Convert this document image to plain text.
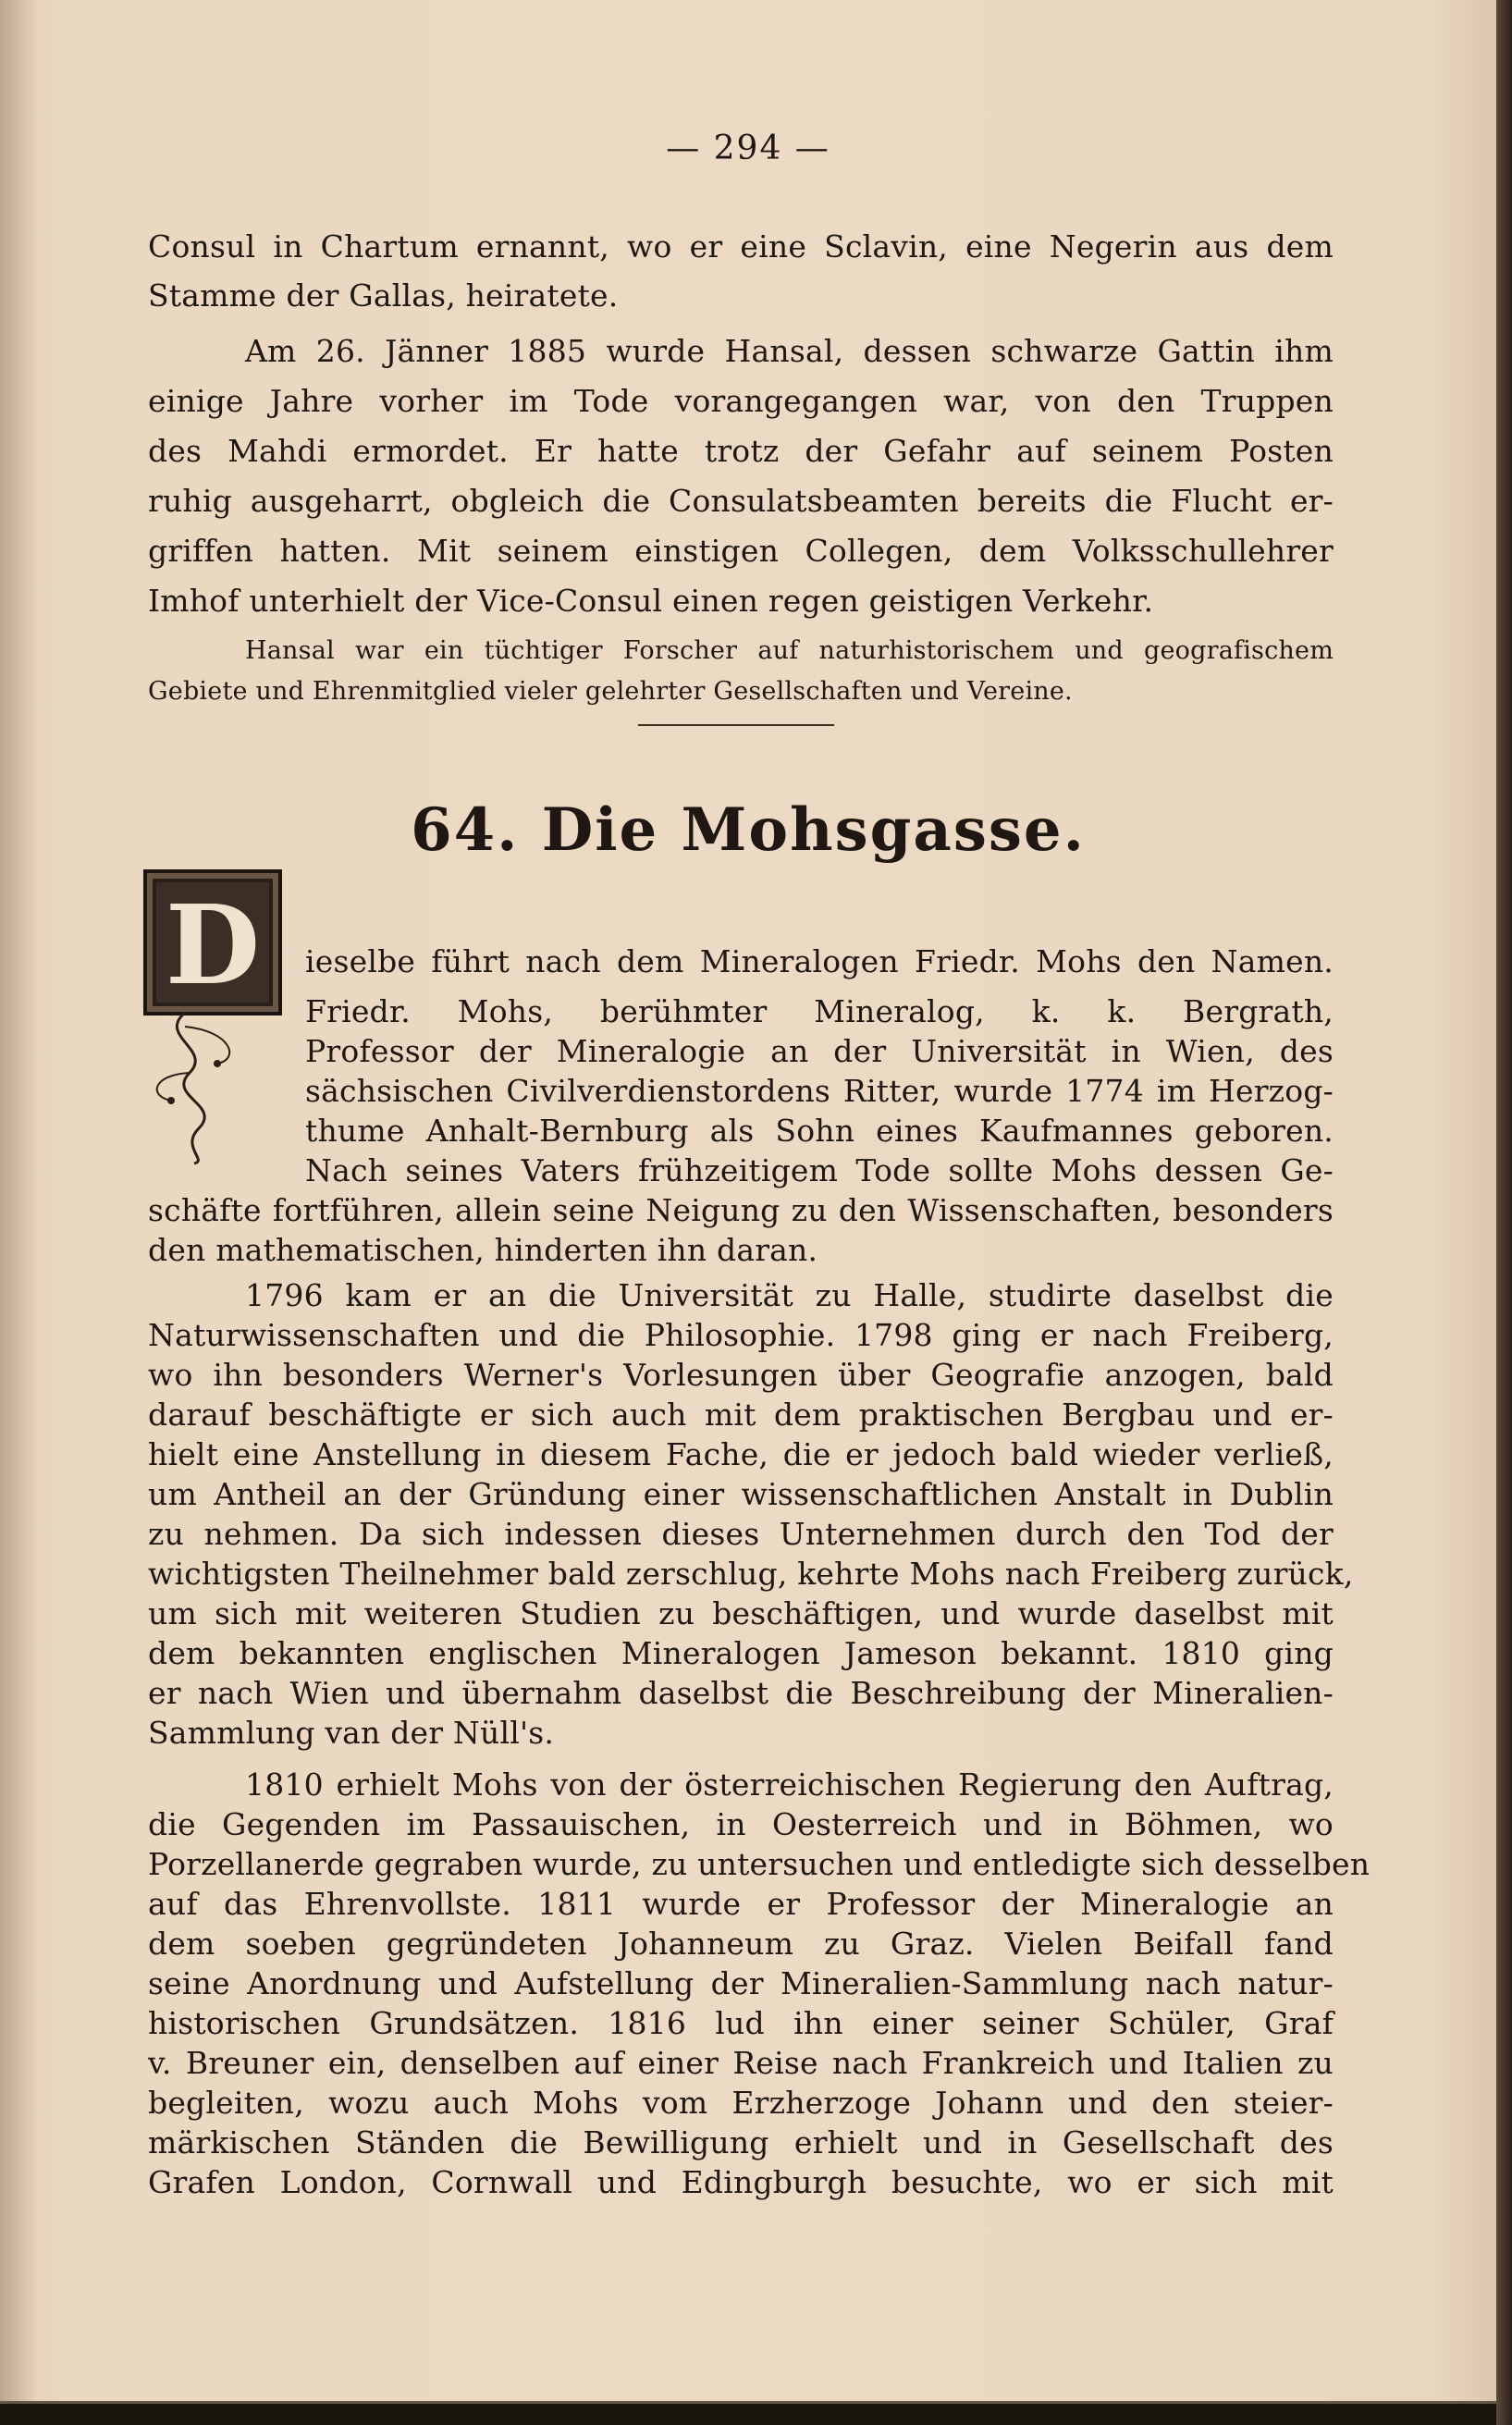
— 294 —
Consul in Chartum ernannt, wo er eine Sclavin, eine Negerin aus dem
Stamme der Gallas, heiratete.
Am 26. Jänner 1885 wurde Hansal, dessen schwarze Gattin ihm
einige Jahre vorher im Tode vorangegangen war, von den Truppen
des Mahdi ermordet. Er hatte trotz der Gefahr auf seinem Posten
ruhig ausgeharrt, obgleich die Consulatsbeamten bereits die Flucht er-
griffen hatten. Mit seinem einstigen Collegen, dem Volksschullehrer
Imhof unterhielt der Vice-Consul einen regen geistigen Verkehr.
Hansal war ein tüchtiger Forscher auf naturhistorischem und geografischem
Gebiete und Ehrenmitglied vieler gelehrter Gesellschaften und Vereine.
64. Die Mohsgasse.
D	ieselbe führt nach dem Mineralogen Friedr. Mohs den Namen.
Friedr. Mohs, berühmter Mineralog, k. k. Bergrath,
Professor der Mineralogie an der Universität in Wien, des
sächsischen Civilverdienstordens Ritter, wurde 1774 im Herzog-
thume Anhalt-Bernburg als Sohn eines Kaufmannes geboren.
Nach seines Vaters frühzeitigem Tode sollte Mohs dessen Ge-
schäfte fortführen, allein seine Neigung zu den Wissenschaften, besonders
den mathematischen, hinderten ihn daran.
1796 kam er an die Universität zu Halle, studirte daselbst die
Naturwissenschaften und die Philosophie. 1798 ging er nach Freiberg,
wo ihn besonders Werner's Vorlesungen über Geografie anzogen, bald
darauf beschäftigte er sich auch mit dem praktischen Bergbau und er-
hielt eine Anstellung in diesem Fache, die er jedoch bald wieder verließ,
um Antheil an der Gründung einer wissenschaftlichen Anstalt in Dublin
zu nehmen. Da sich indessen dieses Unternehmen durch den Tod der
wichtigsten Theilnehmer bald zerschlug, kehrte Mohs nach Freiberg zurück,
um sich mit weiteren Studien zu beschäftigen, und wurde daselbst mit
dem bekannten englischen Mineralogen Jameson bekannt. 1810 ging
er nach Wien und übernahm daselbst die Beschreibung der Mineralien-
Sammlung van der Nüll's.
1810 erhielt Mohs von der österreichischen Regierung den Auftrag,
die Gegenden im Passauischen, in Oesterreich und in Böhmen, wo
Porzellanerde gegraben wurde, zu untersuchen und entledigte sich desselben
auf das Ehrenvollste. 1811 wurde er Professor der Mineralogie an
dem soeben gegründeten Johanneum zu Graz. Vielen Beifall fand
seine Anordnung und Aufstellung der Mineralien-Sammlung nach natur-
historischen Grundsätzen. 1816 lud ihn einer seiner Schüler, Graf
v. Breuner ein, denselben auf einer Reise nach Frankreich und Italien zu
begleiten, wozu auch Mohs vom Erzherzoge Johann und den steier-
märkischen Ständen die Bewilligung erhielt und in Gesellschaft des
Grafen London, Cornwall und Edingburgh besuchte, wo er sich mit
